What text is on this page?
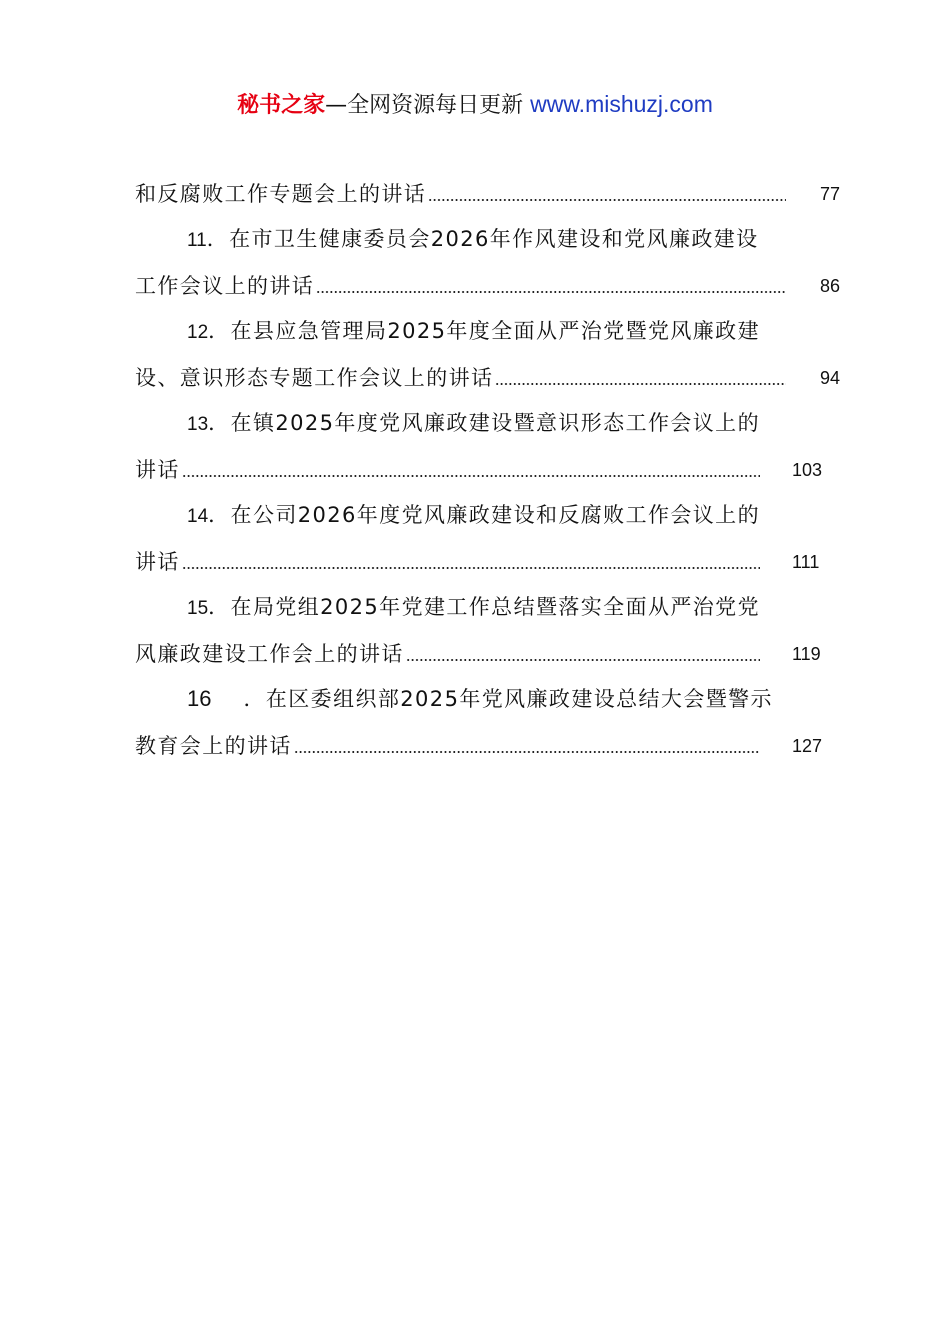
秘书之家—全网资源每日更新 www.mishuzj.com
和反腐败工作专题会上的讲话	77
11．在市卫生健康委员会2026年作风建设和党风廉政建设
工作会议上的讲话	86
12．在县应急管理局2025年度全面从严治党暨党风廉政建
设、意识形态专题工作会议上的讲话	94
13．在镇2025年度党风廉政建设暨意识形态工作会议上的
讲话	103
14．在公司2026年度党风廉政建设和反腐败工作会议上的
讲话	111
15．在局党组2025年党建工作总结暨落实全面从严治党党
风廉政建设工作会上的讲话	119
16 ．在区委组织部2025年党风廉政建设总结大会暨警示
教育会上的讲话	127
